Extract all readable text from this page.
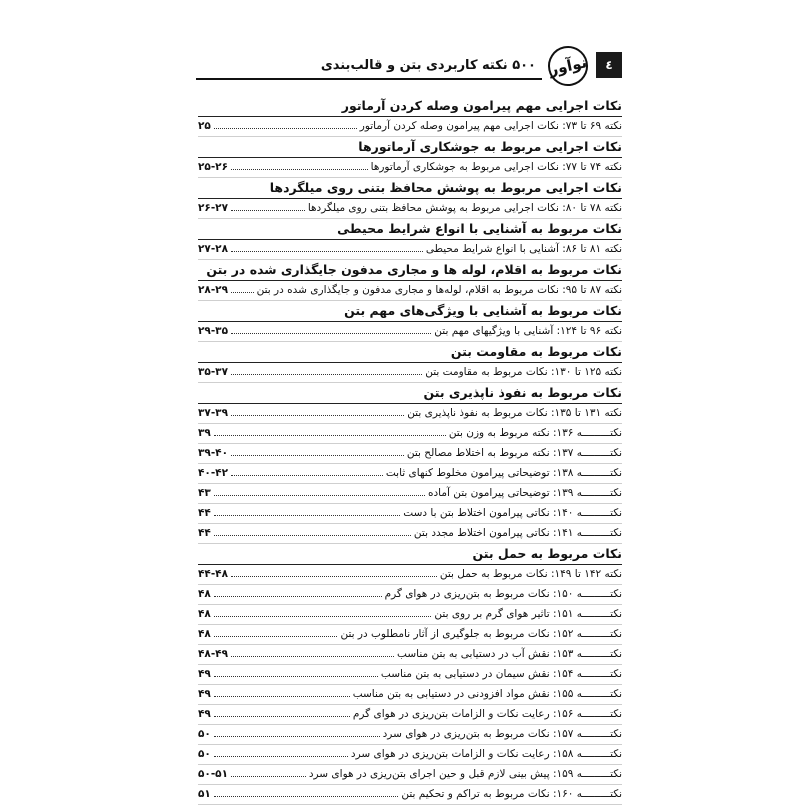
٤
نوآور
۵۰۰ نکته کاربردی بتن و قالب‌بندی
نکات اجرایی مهم پیرامون وصله کردن آرماتور
نکته ۶۹ تا ۷۳: نکات اجرایی مهم پیرامون وصله کردن آرماتور
۲۵
نکات اجرایی مربوط به جوشکاری آرماتورها
نکته ۷۴ تا ۷۷: نکات اجرایی مربوط به جوشکاری آرماتورها
۲۵-۲۶
نکات اجرایی مربوط به پوشش محافظ بتنی روی میلگردها
نکته ۷۸ تا ۸۰: نکات اجرایی مربوط به پوشش محافظ بتنی روی میلگردها
۲۶-۲۷
نکات مربوط به آشنایی با انواع شرایط محیطی
نکته ۸۱ تا ۸۶: آشنایی با انواع شرایط محیطی
۲۷-۲۸
نکات مربوط به اقلام، لوله ها و مجاری مدفون جایگذاری شده در بتن
نکته ۸۷ تا ۹۵: نکات مربوط به اقلام، لوله‌ها و مجاری مدفون و جایگذاری شده در بتن
۲۸-۲۹
نکات مربوط به آشنایی با ویژگی‌های مهم بتن
نکته ۹۶ تا ۱۲۴: آشنایی با ویژگیهای مهم بتن
۲۹-۳۵
نکات مربوط به مقاومت بتن
نکته ۱۲۵ تا ۱۳۰: نکات مربوط به مقاومت بتن
۳۵-۳۷
نکات مربوط به نفوذ ناپذیری بتن
نکته ۱۳۱ تا ۱۳۵: نکات مربوط به نفوذ ناپذیری بتن
۳۷-۳۹
نکتـــــــــه ۱۳۶: نکته مربوط به وزن بتن
۳۹
نکتـــــــــه ۱۳۷: نکته مربوط به اختلاط مصالح بتن
۳۹-۴۰
نکتـــــــــه ۱۳۸: توضیحاتی پیرامون مخلوط کنهای ثابت
۴۰-۴۲
نکتـــــــــه ۱۳۹: توضیحاتی پیرامون بتن آماده
۴۳
نکتـــــــــه ۱۴۰: نکاتی پیرامون اختلاط بتن با دست
۴۴
نکتـــــــــه ۱۴۱: نکاتی پیرامون اختلاط مجدد بتن
۴۴
نکات مربوط به حمل بتن
نکته ۱۴۲ تا ۱۴۹: نکات مربوط به حمل بتن
۴۴-۴۸
نکتـــــــــه ۱۵۰: نکات مربوط به بتن‌ریزی در هوای گرم
۴۸
نکتـــــــــه ۱۵۱: تاثیر هوای گرم بر روی بتن
۴۸
نکتـــــــــه ۱۵۲: نکات مربوط به جلوگیری از آثار نامطلوب در بتن
۴۸
نکتـــــــــه ۱۵۳: نقش آب در دستیابی به بتن مناسب
۴۸-۴۹
نکتـــــــــه ۱۵۴: نقش سیمان در دستیابی به بتن مناسب
۴۹
نکتـــــــــه ۱۵۵: نقش مواد افزودنی در دستیابی به بتن مناسب
۴۹
نکتـــــــــه ۱۵۶: رعایت نکات و الزامات بتن‌ریزی در هوای گرم
۴۹
نکتـــــــــه ۱۵۷: نکات مربوط به بتن‌ریزی در هوای سرد
۵۰
نکتـــــــــه ۱۵۸: رعایت نکات و الزامات بتن‌ریزی در هوای سرد
۵۰
نکتـــــــــه ۱۵۹: پیش بینی لازم قبل و حین اجرای بتن‌ریزی در هوای سرد
۵۰-۵۱
نکتـــــــــه ۱۶۰: نکات مربوط به تراکم و تحکیم بتن
۵۱
